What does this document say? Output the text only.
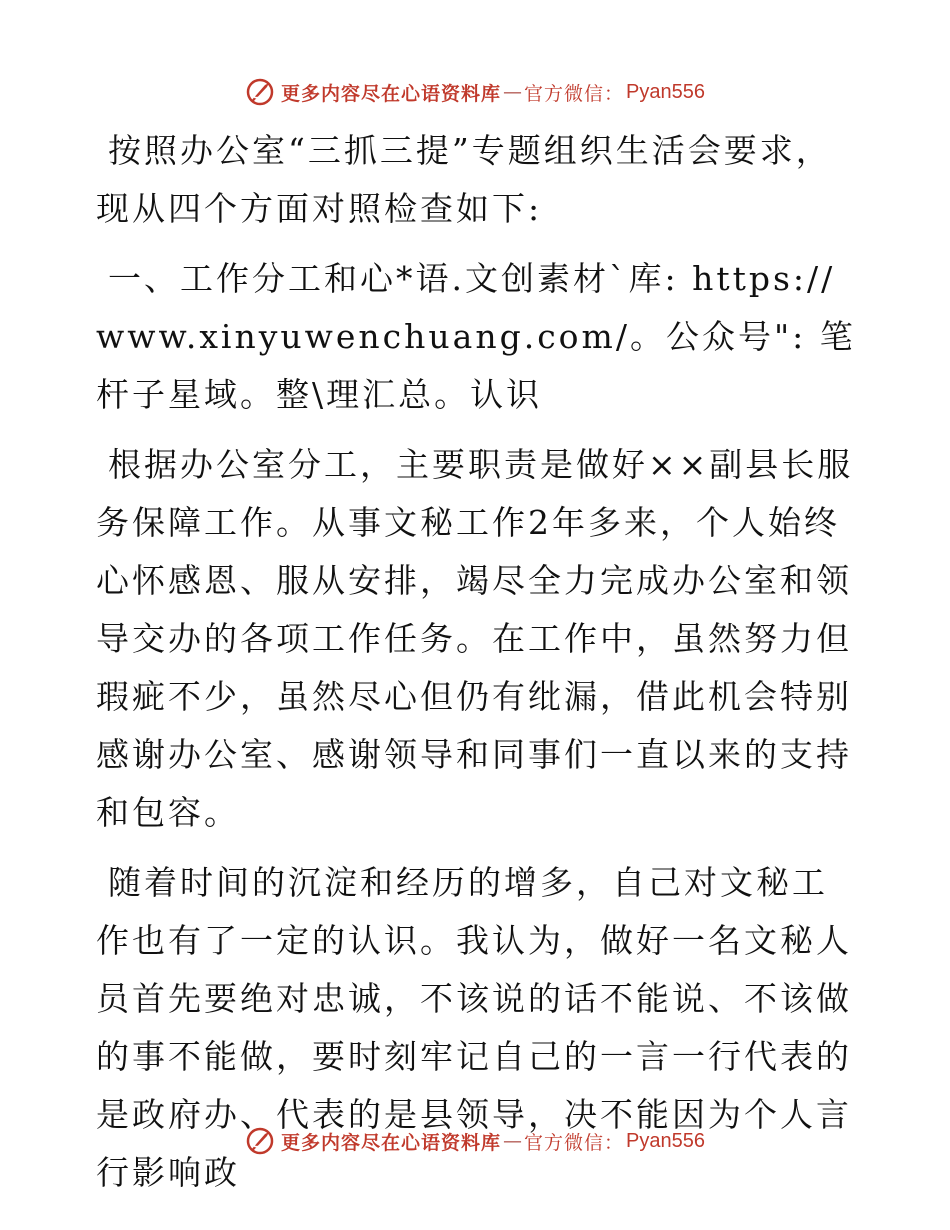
更多内容尽在心语资料库 — 官方微信： Pyan556

按照办公室“三抓三提”专题组织生活会要求，现从四个方面对照检查如下:

一、工作分工和心*语.文创素材`库: https://www.xinyuwenchuang.com/。公众号": 笔杆子星域。整\理汇总。认识

根据办公室分工，主要职责是做好××副县长服务保障工作。从事文秘工作2年多来，个人始终心怀感恩、服从安排，竭尽全力完成办公室和领导交办的各项工作任务。在工作中，虽然努力但瑕疵不少，虽然尽心但仍有纰漏，借此机会特别感谢办公室、感谢领导和同事们一直以来的支持和包容。

随着时间的沉淀和经历的增多，自己对文秘工作也有了一定的认识。我认为，做好一名文秘人员首先要绝对忠诚，不该说的话不能说、不该做的事不能做，要时刻牢记自己的一言一行代表的是政府办、代表的是县领导，决不能因为个人言行影响政

更多内容尽在心语资料库 — 官方微信： Pyan556
